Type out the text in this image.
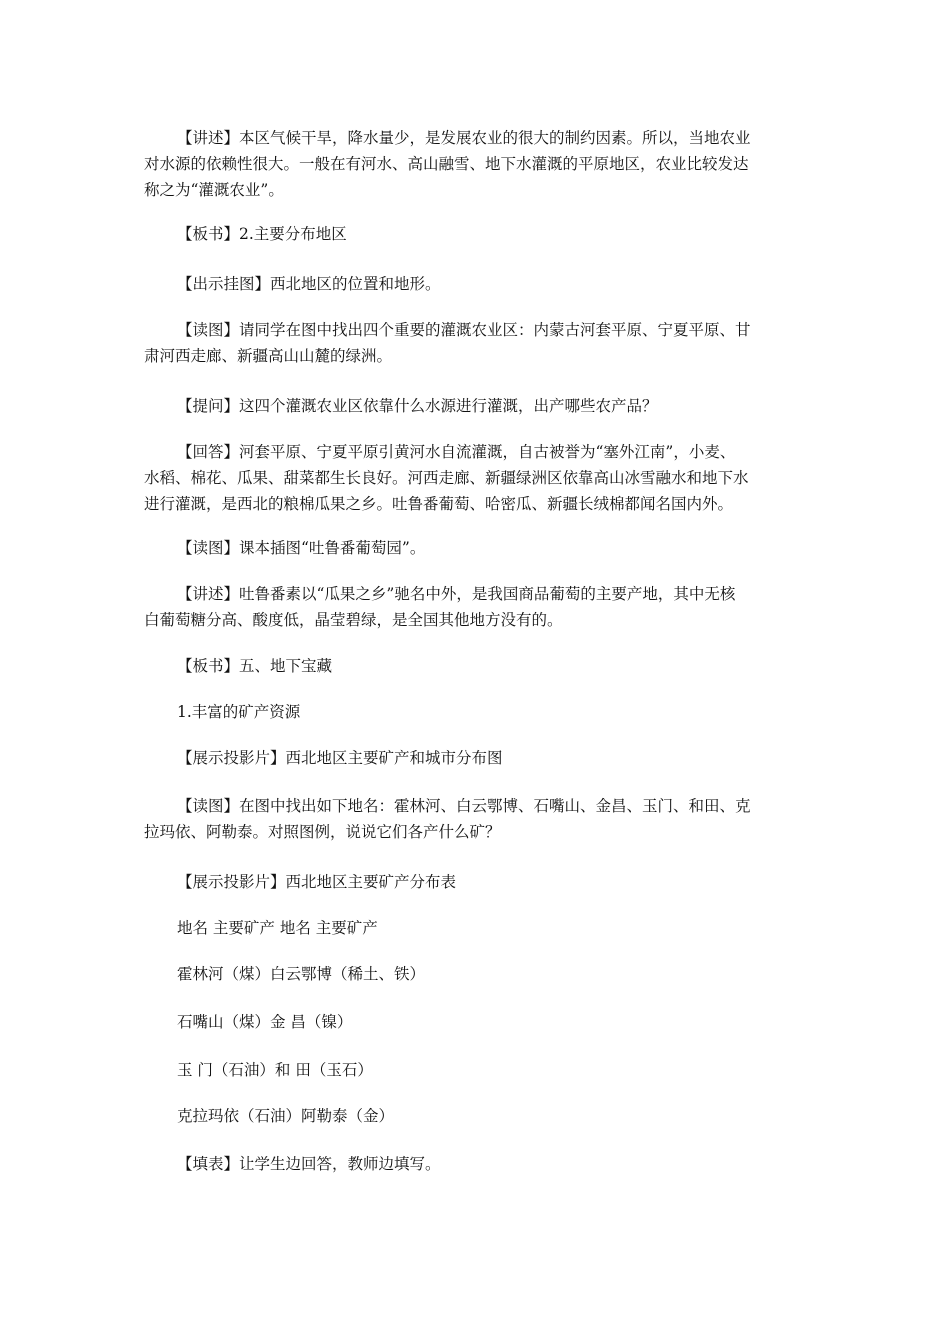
【讲述】本区气候干旱，降水量少，是发展农业的很大的制约因素。所以，当地农业
对水源的依赖性很大。一般在有河水、高山融雪、地下水灌溉的平原地区，农业比较发达
称之为“灌溉农业”。
【板书】2.主要分布地区
【出示挂图】西北地区的位置和地形。
【读图】请同学在图中找出四个重要的灌溉农业区：内蒙古河套平原、宁夏平原、甘
肃河西走廊、新疆高山山麓的绿洲。
【提问】这四个灌溉农业区依靠什么水源进行灌溉，出产哪些农产品？
【回答】河套平原、宁夏平原引黄河水自流灌溉，自古被誉为“塞外江南”，小麦、
水稻、棉花、瓜果、甜菜都生长良好。河西走廊、新疆绿洲区依靠高山冰雪融水和地下水
进行灌溉，是西北的粮棉瓜果之乡。吐鲁番葡萄、哈密瓜、新疆长绒棉都闻名国内外。
【读图】课本插图“吐鲁番葡萄园”。
【讲述】吐鲁番素以“瓜果之乡”驰名中外，是我国商品葡萄的主要产地，其中无核
白葡萄糖分高、酸度低，晶莹碧绿，是全国其他地方没有的。
【板书】五、地下宝藏
1.丰富的矿产资源
【展示投影片】西北地区主要矿产和城市分布图
【读图】在图中找出如下地名：霍林河、白云鄂博、石嘴山、金昌、玉门、和田、克
拉玛依、阿勒泰。对照图例，说说它们各产什么矿？
【展示投影片】西北地区主要矿产分布表
地名 主要矿产 地名 主要矿产
霍林河（煤）白云鄂博（稀土、铁）
石嘴山（煤）金 昌（镍）
玉 门（石油）和 田（玉石）
克拉玛依（石油）阿勒泰（金）
【填表】让学生边回答，教师边填写。
